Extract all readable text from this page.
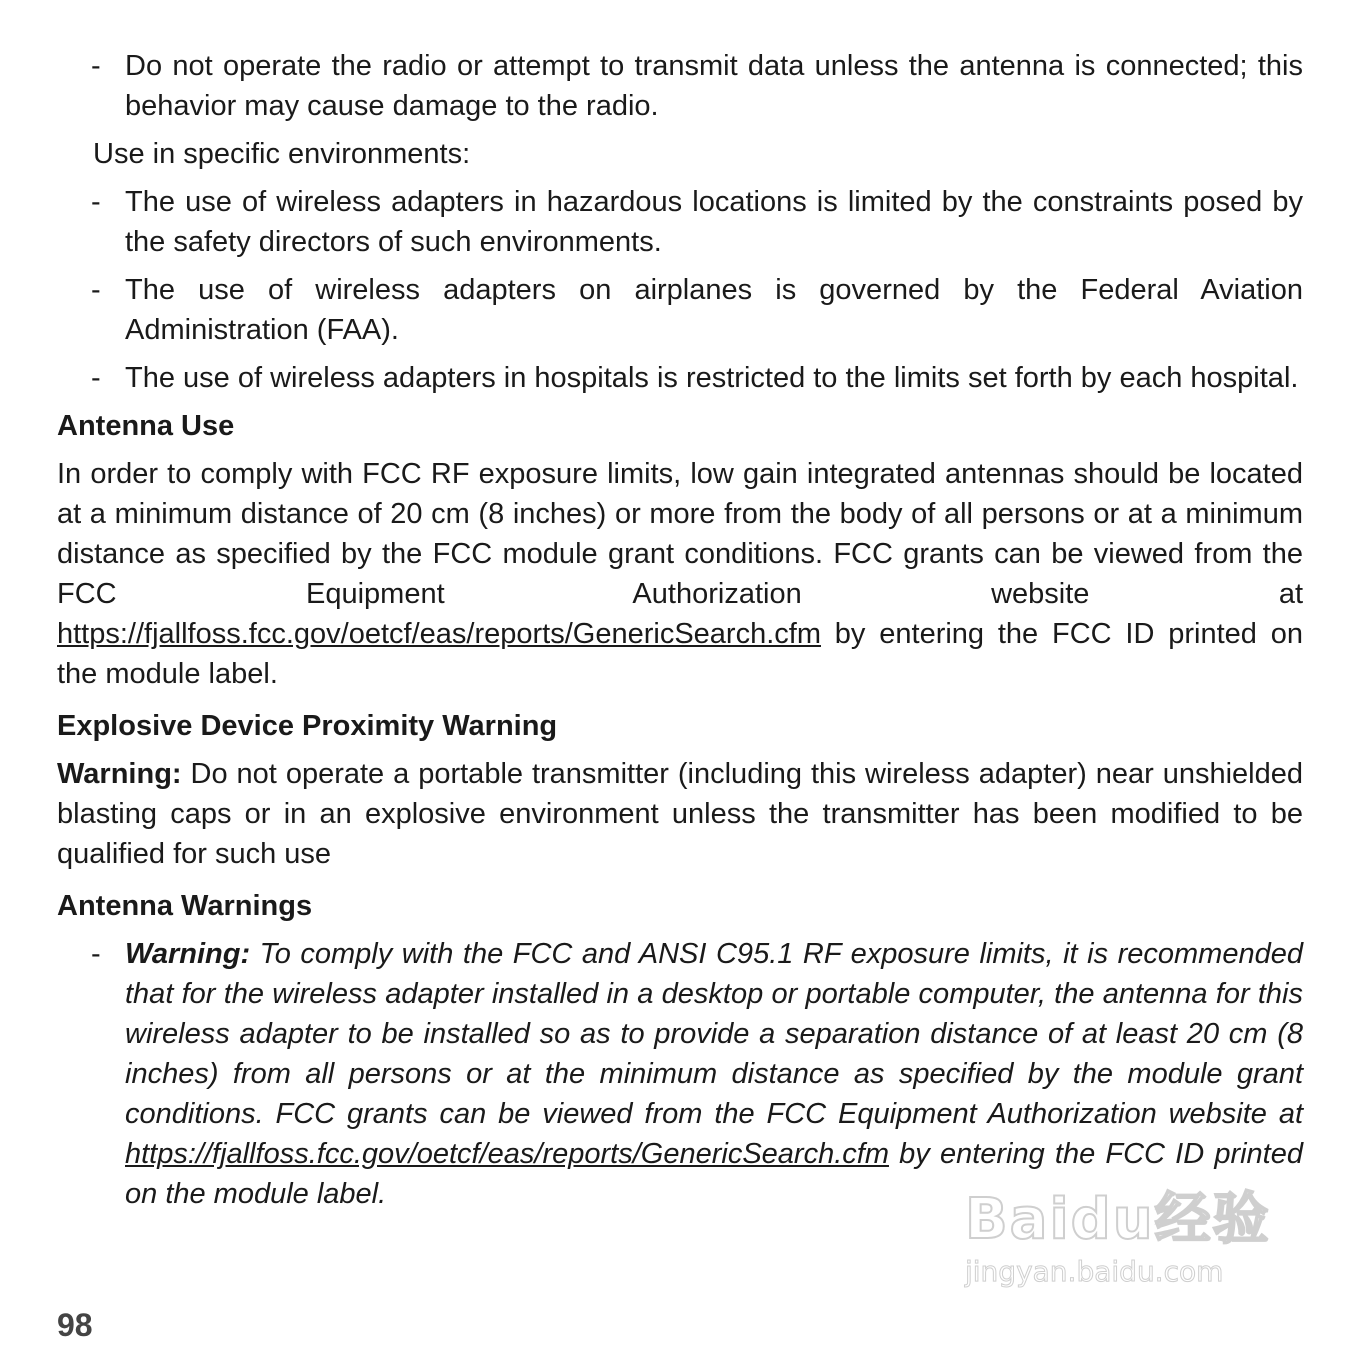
- Do not operate the radio or attempt to transmit data unless the antenna is connected; this behavior may cause damage to the radio.
Use in specific environments:
- The use of wireless adapters in hazardous locations is limited by the constraints posed by the safety directors of such environments.
- The use of wireless adapters on airplanes is governed by the Federal Aviation Administration (FAA).
- The use of wireless adapters in hospitals is restricted to the limits set forth by each hospital.
Antenna Use

In order to comply with FCC RF exposure limits, low gain integrated antennas should be located at a minimum distance of 20 cm (8 inches) or more from the body of all persons or at a minimum distance as specified by the FCC module grant conditions. FCC grants can be viewed from the FCC Equipment Authorization website at https://fjallfoss.fcc.gov/oetcf/eas/reports/GenericSearch.cfm by entering the FCC ID printed on the module label.

Explosive Device Proximity Warning

Warning: Do not operate a portable transmitter (including this wireless adapter) near unshielded blasting caps or in an explosive environment unless the transmitter has been modified to be qualified for such use

Antenna Warnings
- Warning: To comply with the FCC and ANSI C95.1 RF exposure limits, it is recommended that for the wireless adapter installed in a desktop or portable computer, the antenna for this wireless adapter to be installed so as to provide a separation distance of at least 20 cm (8 inches) from all persons or at the minimum distance as specified by the module grant conditions. FCC grants can be viewed from the FCC Equipment Authorization website at https://fjallfoss.fcc.gov/oetcf/eas/reports/GenericSearch.cfm by entering the FCC ID printed on the module label.	Baidu经验
jingyan.baidu.com
98
